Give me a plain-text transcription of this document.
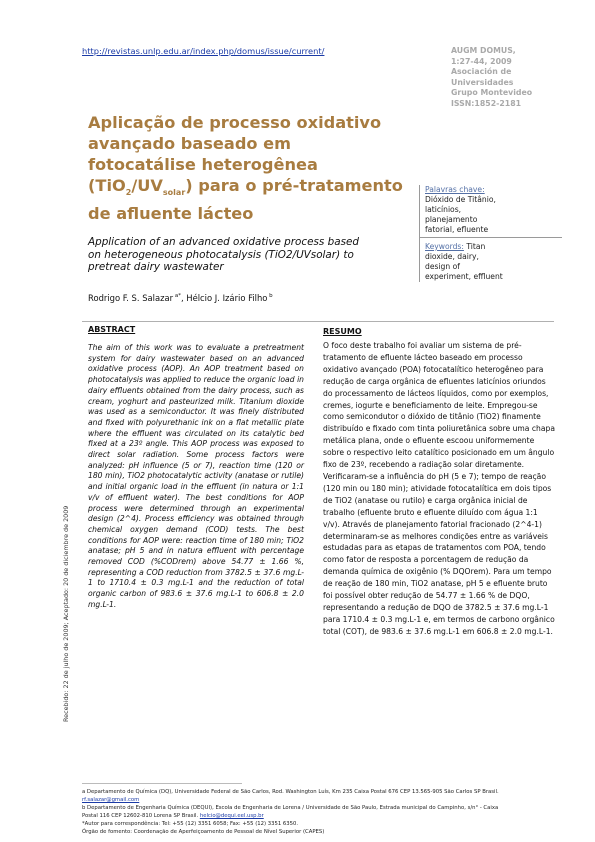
http://revistas.unlp.edu.ar/index.php/domus/issue/current/	AUGM DOMUS,
1:27-44, 2009
Asociación de
Universidades
Grupo Montevideo
ISSN:1852-2181
Aplicação de processo oxidativo
avançado baseado em
fotocatálise heterogênea
$(TiO_2/UV_{solar})$ para o pré-tratamento
de afluente lácteo
Palavras chave:
Dióxido de Titânio,
laticínios,
planejamento
fatorial, efluente
Keywords: Titan
dioxide, dairy,
design of
experiment, effluent
Application of an advanced oxidative process based
on heterogeneous photocatalysis (TiO2/UVsolar) to
pretreat dairy wastewater
Rodrigo F. S. Salazar $^{a*}$, Hélcio J. Izário Filho $^b$
Recebido: 22 de julho de 2009; Aceptado: 20 de diciembre de 2009
ABSTRACT	RESUMO
The aim of this work was to evaluate a pretreatment system for dairy wastewater based on an advanced oxidative process (AOP). An AOP treatment based on photocatalysis was applied to reduce the organic load in dairy effluents obtained from the dairy process, such as cream, yoghurt and pasteurized milk. Titanium dioxide was used as a semiconductor. It was finely distributed and fixed with polyurethanic ink on a flat metallic plate where the effluent was circulated on its catalytic bed fixed at a 23º angle. This AOP process was exposed to direct solar radiation. Some process factors were analyzed: pH influence (5 or 7), reaction time (120 or 180 min), TiO2 photocatalytic activity (anatase or rutile) and initial organic load in the effluent (in natura or 1:1 v/v of effluent water). The best conditions for AOP process were determined through an experimental design (2^4). Process efficiency was obtained through chemical oxygen demand (COD) tests. The best conditions for AOP were: reaction time of 180 min; TiO2 anatase; pH 5 and in natura effluent with percentage removed COD (%CODrem) above 54.77 ± 1.66 %, representing a COD reduction from 3782.5 ± 37.6 mg.L-1 to 1710.4 ± 0.3 mg.L-1 and the reduction of total organic carbon of 983.6 ± 37.6 mg.L-1 to 606.8 ± 2.0 mg.L-1.
O foco deste trabalho foi avaliar um sistema de pré-tratamento de efluente lácteo baseado em processo oxidativo avançado (POA) fotocatalítico heterogêneo para redução de carga orgânica de efluentes laticínios oriundos do processamento de lácteos líquidos, como por exemplos, cremes, iogurte e beneficiamento de leite. Empregou-se como semicondutor o dióxido de titânio (TiO2) finamente distribuído e fixado com tinta poliuretânica sobre uma chapa metálica plana, onde o efluente escoou uniformemente sobre o respectivo leito catalítico posicionado em um ângulo fixo de 23º, recebendo a radiação solar diretamente. Verificaram-se a influência do pH (5 e 7); tempo de reação (120 min ou 180 min); atividade fotocatalítica em dois tipos de TiO2 (anatase ou rutilo) e carga orgânica inicial de trabalho (efluente bruto e efluente diluído com água 1:1 v/v). Através de planejamento fatorial fracionado (2^4-1) determinaram-se as melhores condições entre as variáveis estudadas para as etapas de tratamentos com POA, tendo como fator de resposta a porcentagem de redução da demanda química de oxigênio (% DQOrem). Para um tempo de reação de 180 min, TiO2 anatase, pH 5 e efluente bruto foi possível obter redução de 54.77 ± 1.66 % de DQO, representando a redução de DQO de 3782.5 ± 37.6 mg.L-1 para 1710.4 ± 0.3 mg.L-1 e, em termos de carbono orgânico total (COT), de 983.6 ± 37.6 mg.L-1 em 606.8 ± 2.0 mg.L-1.
a Departamento de Química (DQ), Universidade Federal de São Carlos, Rod. Washington Luís, Km 235 Caixa Postal 676 CEP 13.565-905 São Carlos SP Brasil.
rf.salazar@gmail.com
b Departamento de Engenharia Química (DEQUI), Escola de Engenharia de Lorena / Universidade de São Paulo, Estrada municipal do Campinho, s/n° - Caixa
Postal 116 CEP 12602-810 Lorena SP Brasil. helcio@dequi.eel.usp.br
*Autor para correspondência: Tel: +55 (12) 3351 6058; Fax: +55 (12) 3351 6350.
Órgão de fomento: Coordenação de Aperfeiçoamento de Pessoal de Nível Superior (CAPES)
